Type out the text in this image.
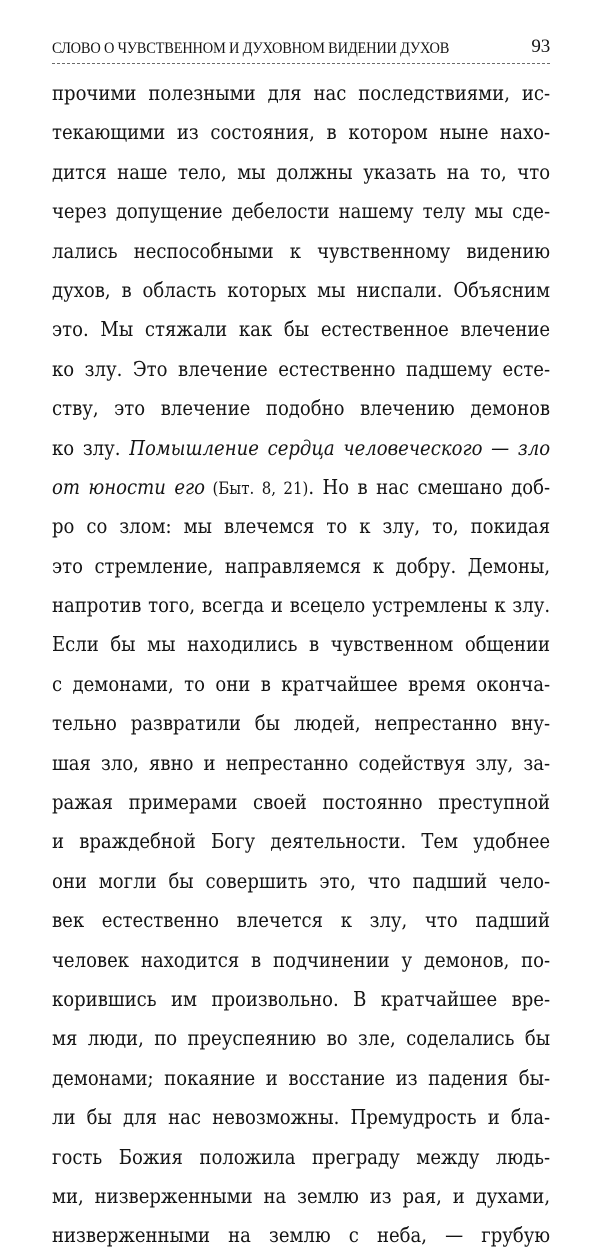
СЛОВО О ЧУВСТВЕННОМ И ДУХОВНОМ ВИДЕНИИ ДУХОВ	93
прочими полезными для нас последствиями, ис-
текающими из состояния, в котором ныне нахо-
дится наше тело, мы должны указать на то, что
через допущение дебелости нашему телу мы сде-
лались неспособными к чувственному видению
духов, в область которых мы ниспали. Объясним
это. Мы стяжали как бы естественное влечение
ко злу. Это влечение естественно падшему есте-
ству, это влечение подобно влечению демонов
ко злу. Помышление сердца человеческого — зло
от юности его (Быт. 8, 21). Но в нас смешано доб-
ро со злом: мы влечемся то к злу, то, покидая
это стремление, направляемся к добру. Демоны,
напротив того, всегда и всецело устремлены к злу.
Если бы мы находились в чувственном общении
с демонами, то они в кратчайшее время оконча-
тельно развратили бы людей, непрестанно вну-
шая зло, явно и непрестанно содействуя злу, за-
ражая примерами своей постоянно преступной
и враждебной Богу деятельности. Тем удобнее
они могли бы совершить это, что падший чело-
век естественно влечется к злу, что падший
человек находится в подчинении у демонов, по-
корившись им произвольно. В кратчайшее вре-
мя люди, по преуспеянию во зле, соделались бы
демонами; покаяние и восстание из падения бы-
ли бы для нас невозможны. Премудрость и бла-
гость Божия положила преграду между людь-
ми, низверженными на землю из рая, и духами,
низверженными на землю с неба, — грубую
